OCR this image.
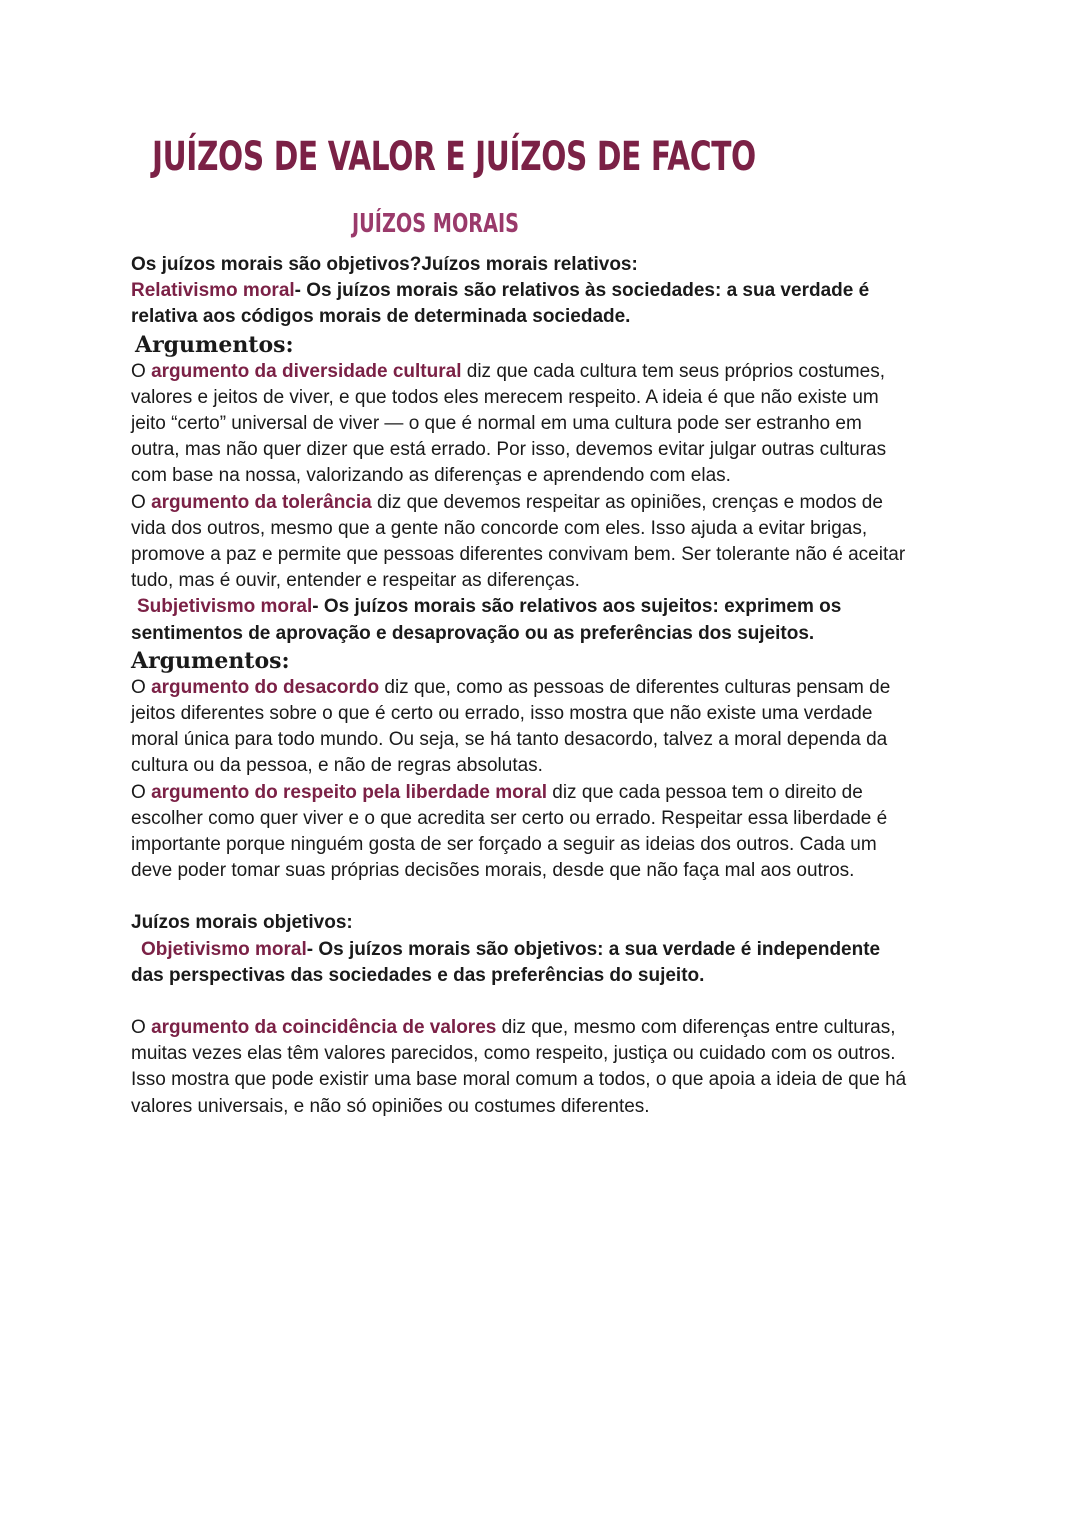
JUÍZOS DE VALOR E JUÍZOS DE FACTO
JUÍZOS MORAIS
Os juízos morais são objetivos?Juízos morais relativos:
Relativismo moral- Os juízos morais são relativos às sociedades: a sua verdade é
relativa aos códigos morais de determinada sociedade.
Argumentos:
O argumento da diversidade cultural diz que cada cultura tem seus próprios costumes,
valores e jeitos de viver, e que todos eles merecem respeito. A ideia é que não existe um
jeito “certo” universal de viver — o que é normal em uma cultura pode ser estranho em
outra, mas não quer dizer que está errado. Por isso, devemos evitar julgar outras culturas
com base na nossa, valorizando as diferenças e aprendendo com elas.
O argumento da tolerância diz que devemos respeitar as opiniões, crenças e modos de
vida dos outros, mesmo que a gente não concorde com eles. Isso ajuda a evitar brigas,
promove a paz e permite que pessoas diferentes convivam bem. Ser tolerante não é aceitar
tudo, mas é ouvir, entender e respeitar as diferenças.
Subjetivismo moral- Os juízos morais são relativos aos sujeitos: exprimem os
sentimentos de aprovação e desaprovação ou as preferências dos sujeitos.
Argumentos:
O argumento do desacordo diz que, como as pessoas de diferentes culturas pensam de
jeitos diferentes sobre o que é certo ou errado, isso mostra que não existe uma verdade
moral única para todo mundo. Ou seja, se há tanto desacordo, talvez a moral dependa da
cultura ou da pessoa, e não de regras absolutas.
O argumento do respeito pela liberdade moral diz que cada pessoa tem o direito de
escolher como quer viver e o que acredita ser certo ou errado. Respeitar essa liberdade é
importante porque ninguém gosta de ser forçado a seguir as ideias dos outros. Cada um
deve poder tomar suas próprias decisões morais, desde que não faça mal aos outros.
Juízos morais objetivos:
Objetivismo moral- Os juízos morais são objetivos: a sua verdade é independente
das perspectivas das sociedades e das preferências do sujeito.
O argumento da coincidência de valores diz que, mesmo com diferenças entre culturas,
muitas vezes elas têm valores parecidos, como respeito, justiça ou cuidado com os outros.
Isso mostra que pode existir uma base moral comum a todos, o que apoia a ideia de que há
valores universais, e não só opiniões ou costumes diferentes.
